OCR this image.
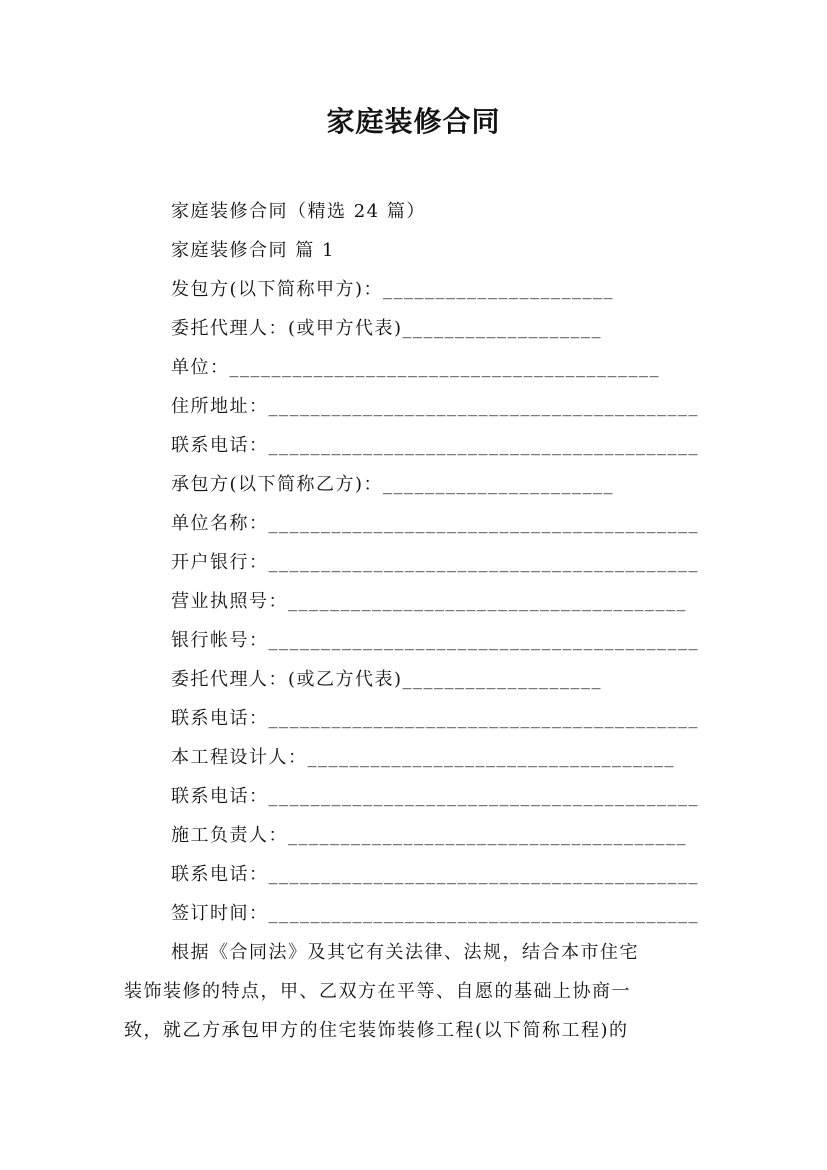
家庭装修合同
家庭装修合同（精选 24 篇）
家庭装修合同 篇 1
发包方(以下简称甲方)：______________________
委托代理人：(或甲方代表)___________________
单位：_________________________________________
住所地址：_________________________________________
联系电话：_________________________________________
承包方(以下简称乙方)：______________________
单位名称：_________________________________________
开户银行：_________________________________________
营业执照号：______________________________________
银行帐号：_________________________________________
委托代理人：(或乙方代表)___________________
联系电话：_________________________________________
本工程设计人：___________________________________
联系电话：_________________________________________
施工负责人：______________________________________
联系电话：_________________________________________
签订时间：_________________________________________
根据《合同法》及其它有关法律、法规，结合本市住宅
装饰装修的特点，甲、乙双方在平等、自愿的基础上协商一
致，就乙方承包甲方的住宅装饰装修工程(以下简称工程)的
